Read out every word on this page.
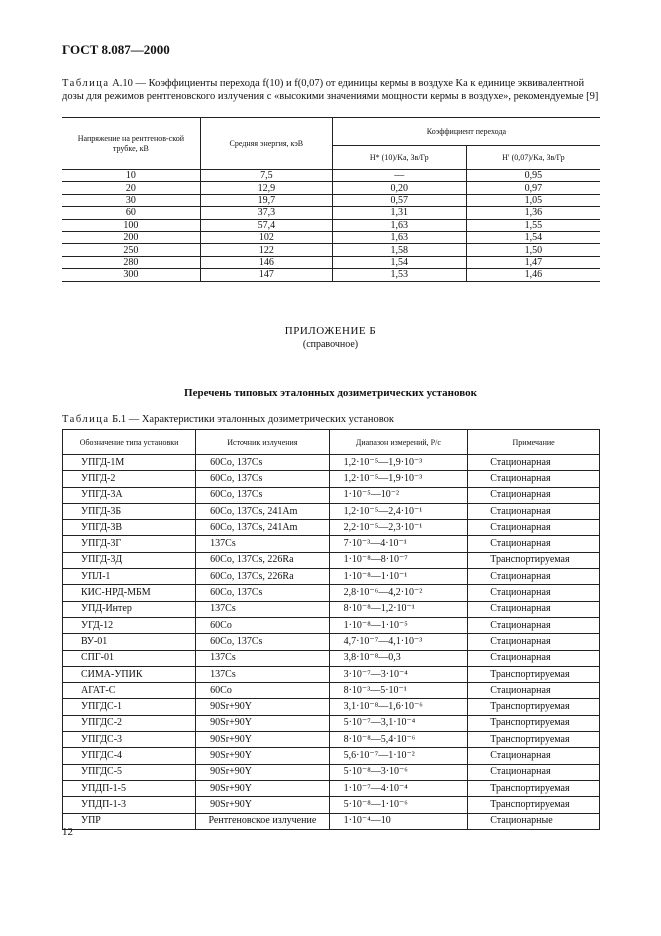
ГОСТ 8.087—2000
Таблица А.10 — Коэффициенты перехода f(10) и f(0,07) от единицы кермы в воздухе Kа к единице эквивалентной дозы для режимов рентгеновского излучения с «высокими значениями мощности кермы в воздухе», рекомендуемые [9]
Напряжение на рентгенов-ской трубке, кВ	Средняя энергия, кэВ	Коэффициент перехода	
		H* (10)/Ka, Зв/Гр	H′ (0,07)/Ka, Зв/Гр
10	7,5	—	0,95
20	12,9	0,20	0,97
30	19,7	0,57	1,05
60	37,3	1,31	1,36
100	57,4	1,63	1,55
200	102	1,63	1,54
250	122	1,58	1,50
280	146	1,54	1,47
300	147	1,53	1,46
ПРИЛОЖЕНИЕ Б
(справочное)
Перечень типовых эталонных дозиметрических установок
Таблица Б.1 — Характеристики эталонных дозиметрических установок
Обозначение типа установки	Источник излучения	Диапазон измерений, Р/с	Примечание
УПГД-1М	60Co, 137Cs	1,2·10⁻⁵—1,9·10⁻³	Стационарная
УПГД-2	60Co, 137Cs	1,2·10⁻⁵—1,9·10⁻³	Стационарная
УПГД-3А	60Co, 137Cs	1·10⁻⁵—10⁻²	Стационарная
УПГД-3Б	60Co, 137Cs, 241Am	1,2·10⁻⁵—2,4·10⁻¹	Стационарная
УПГД-3В	60Co, 137Cs, 241Am	2,2·10⁻⁵—2,3·10⁻¹	Стационарная
УПГД-3Г	137Cs	7·10⁻³—4·10⁻¹	Стационарная
УПГД-3Д	60Co, 137Cs, 226Ra	1·10⁻⁸—8·10⁻⁷	Транспортируемая
УПЛ-1	60Co, 137Cs, 226Ra	1·10⁻⁸—1·10⁻¹	Стационарная
КИС-НРД-МБМ	60Co, 137Cs	2,8·10⁻⁶—4,2·10⁻²	Стационарная
УПД-Интер	137Cs	8·10⁻⁸—1,2·10⁻¹	Стационарная
УГД-12	60Co	1·10⁻⁸—1·10⁻⁵	Стационарная
ВУ-01	60Co, 137Cs	4,7·10⁻⁷—4,1·10⁻³	Стационарная
СПГ-01	137Cs	3,8·10⁻⁸—0,3	Стационарная
СИМА-УПИК	137Cs	3·10⁻⁷—3·10⁻⁴	Транспортируемая
АГАТ-С	60Co	8·10⁻³—5·10⁻¹	Стационарная
УПГДС-1	90Sr+90Y	3,1·10⁻⁸—1,6·10⁻⁶	Транспортируемая
УПГДС-2	90Sr+90Y	5·10⁻⁷—3,1·10⁻⁴	Транспортируемая
УПГДС-3	90Sr+90Y	8·10⁻⁸—5,4·10⁻⁶	Транспортируемая
УПГДС-4	90Sr+90Y	5,6·10⁻⁷—1·10⁻²	Стационарная
УПГДС-5	90Sr+90Y	5·10⁻⁸—3·10⁻⁶	Стационарная
УПДП-1-5	90Sr+90Y	1·10⁻⁷—4·10⁻⁴	Транспортируемая
УПДП-1-3	90Sr+90Y	5·10⁻⁸—1·10⁻⁶	Транспортируемая
УПР	Рентгеновское излучение	1·10⁻⁴—10	Стационарные
12
